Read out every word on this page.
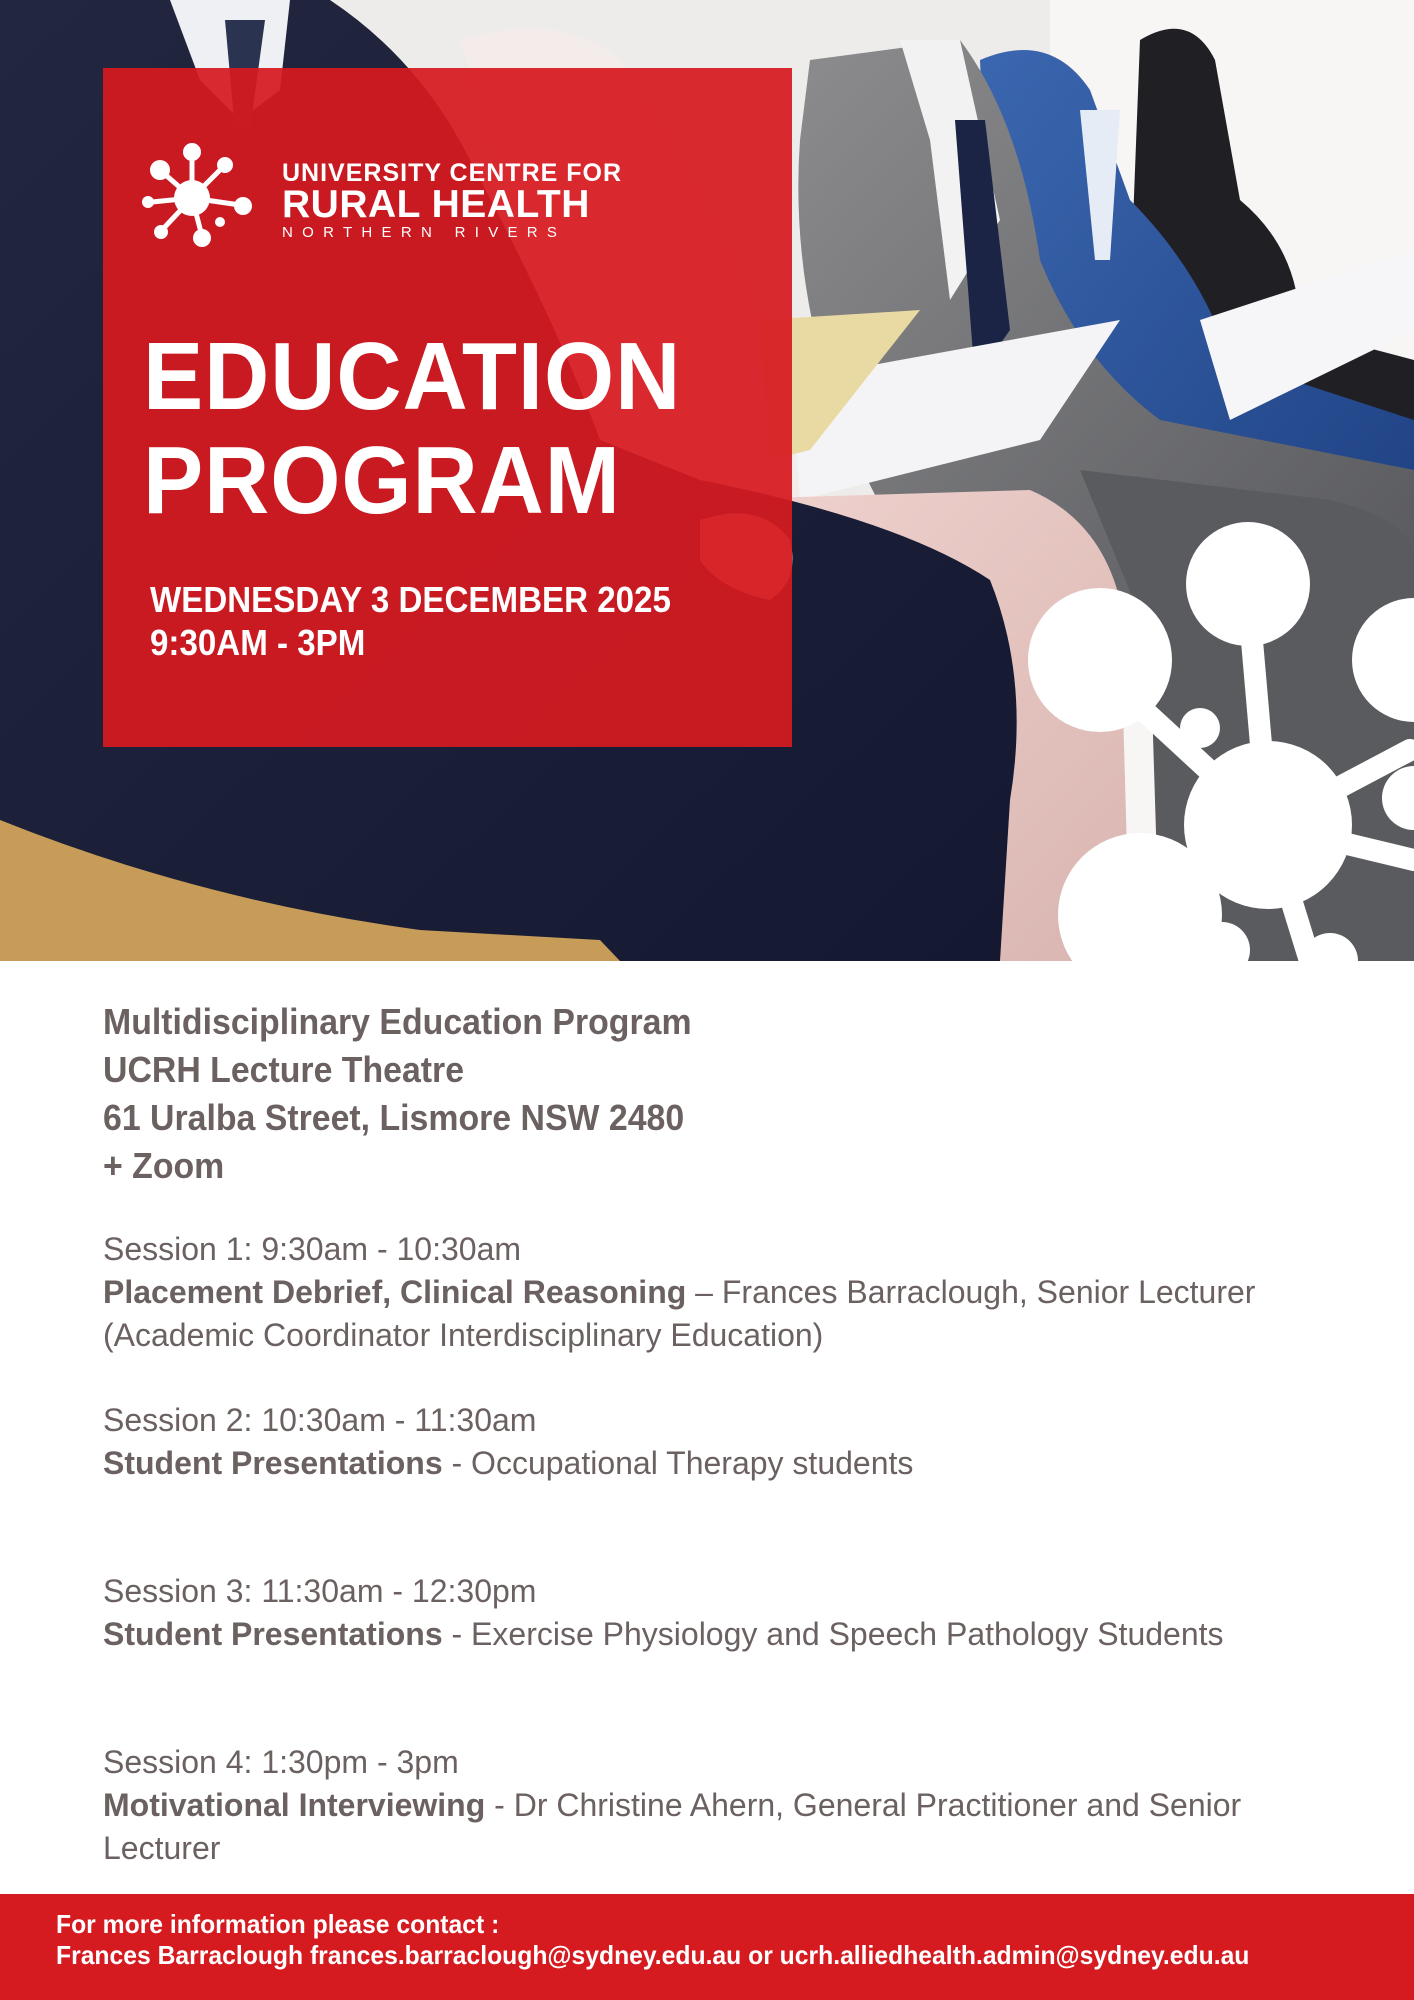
UNIVERSITY CENTRE FOR
RURAL HEALTH
NORTHERN RIVERS
EDUCATION
PROGRAM
WEDNESDAY 3 DECEMBER 2025
9:30AM - 3PM
Multidisciplinary Education Program
UCRH Lecture Theatre
61 Uralba Street, Lismore NSW 2480
+ Zoom
Session 1: 9:30am - 10:30am
Placement Debrief, Clinical Reasoning – Frances Barraclough, Senior Lecturer (Academic Coordinator Interdisciplinary Education)
Session 2: 10:30am - 11:30am
Student Presentations - Occupational Therapy students
Session 3: 11:30am - 12:30pm
Student Presentations - Exercise Physiology and Speech Pathology Students
Session 4: 1:30pm - 3pm
Motivational Interviewing - Dr Christine Ahern, General Practitioner and Senior Lecturer
For more information please contact :
Frances Barraclough frances.barraclough@sydney.edu.au or ucrh.alliedhealth.admin@sydney.edu.au
